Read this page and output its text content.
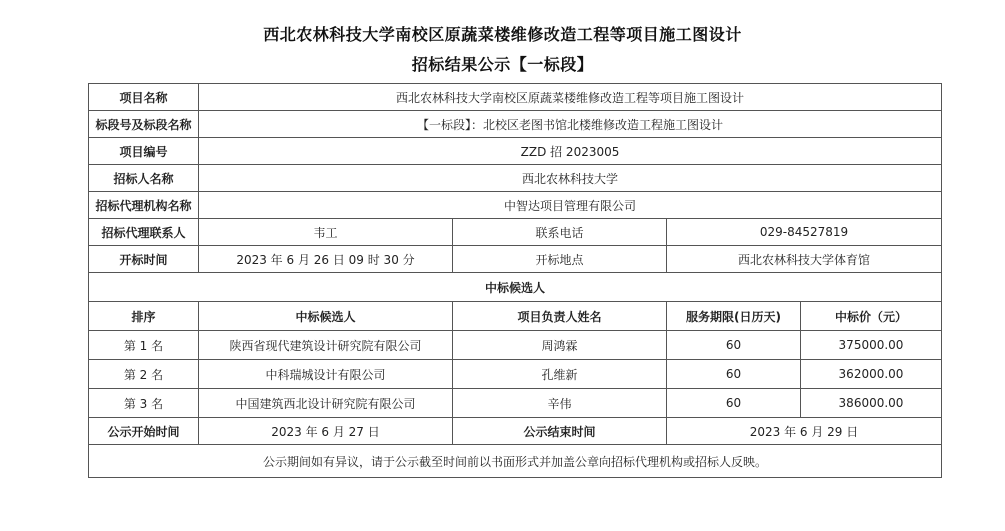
西北农林科技大学南校区原蔬菜楼维修改造工程等项目施工图设计
招标结果公示【一标段】
项目名称	西北农林科技大学南校区原蔬菜楼维修改造工程等项目施工图设计			
标段号及标段名称	【一标段】：北校区老图书馆北楼维修改造工程施工图设计			
项目编号	ZZD 招 2023005			
招标人名称	西北农林科技大学			
招标代理机构名称	中智达项目管理有限公司			
招标代理联系人	韦工	联系电话	029-84527819	
开标时间	2023 年 6 月 26 日 09 时 30 分	开标地点	西北农林科技大学体育馆	
中标候选人				
排序	中标候选人	项目负责人姓名	服务期限(日历天)	中标价（元）
第 1 名	陕西省现代建筑设计研究院有限公司	周鸿霖	60	375000.00
第 2 名	中科瑞城设计有限公司	孔维新	60	362000.00
第 3 名	中国建筑西北设计研究院有限公司	辛伟	60	386000.00
公示开始时间	2023 年 6 月 27 日	公示结束时间	2023 年 6 月 29 日	
公示期间如有异议，请于公示截至时间前以书面形式并加盖公章向招标代理机构或招标人反映。				
